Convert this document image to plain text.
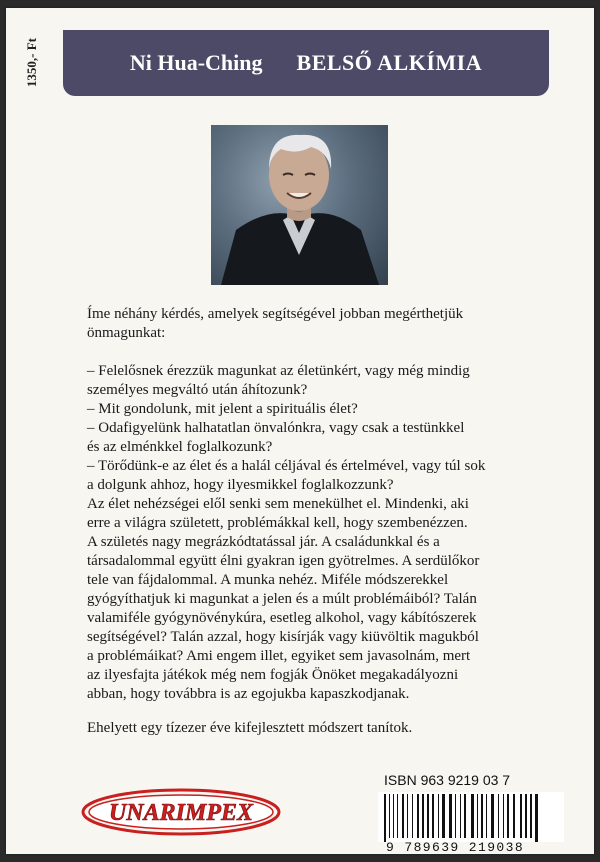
1350,- Ft	Ni Hua-Ching BELSŐ ALKÍMIA
Íme néhány kérdés, amelyek segítségével jobban megérthetjük
önmagunkat:
– Felelősnek érezzük magunkat az életünkért, vagy még mindig
személyes megváltó után áhítozunk?
– Mit gondolunk, mit jelent a spirituális élet?
– Odafigyelünk halhatatlan önvalónkra, vagy csak a testünkkel
és az elménkkel foglalkozunk?
– Törődünk-e az élet és a halál céljával és értelmével, vagy túl sok
a dolgunk ahhoz, hogy ilyesmikkel foglalkozzunk?
Az élet nehézségei elől senki sem menekülhet el. Mindenki, aki
erre a világra született, problémákkal kell, hogy szembenézzen.
A születés nagy megrázkódtatással jár. A családunkkal és a
társadalommal együtt élni gyakran igen gyötrelmes. A serdülőkor
tele van fájdalommal. A munka nehéz. Miféle módszerekkel
gyógyíthatjuk ki magunkat a jelen és a múlt problémáiból? Talán
valamiféle gyógynövénykúra, esetleg alkohol, vagy kábítószerek
segítségével? Talán azzal, hogy kisírják vagy kiüvöltik magukból
a problémáikat? Ami engem illet, egyiket sem javasolnám, mert
az ilyesfajta játékok még nem fogják Önöket megakadályozni
abban, hogy továbbra is az egojukba kapaszkodjanak.
Ehelyett egy tízezer éve kifejlesztett módszert tanítok.
UNARIMPEX
ISBN 963 9219 03 7
9 789639 219038
